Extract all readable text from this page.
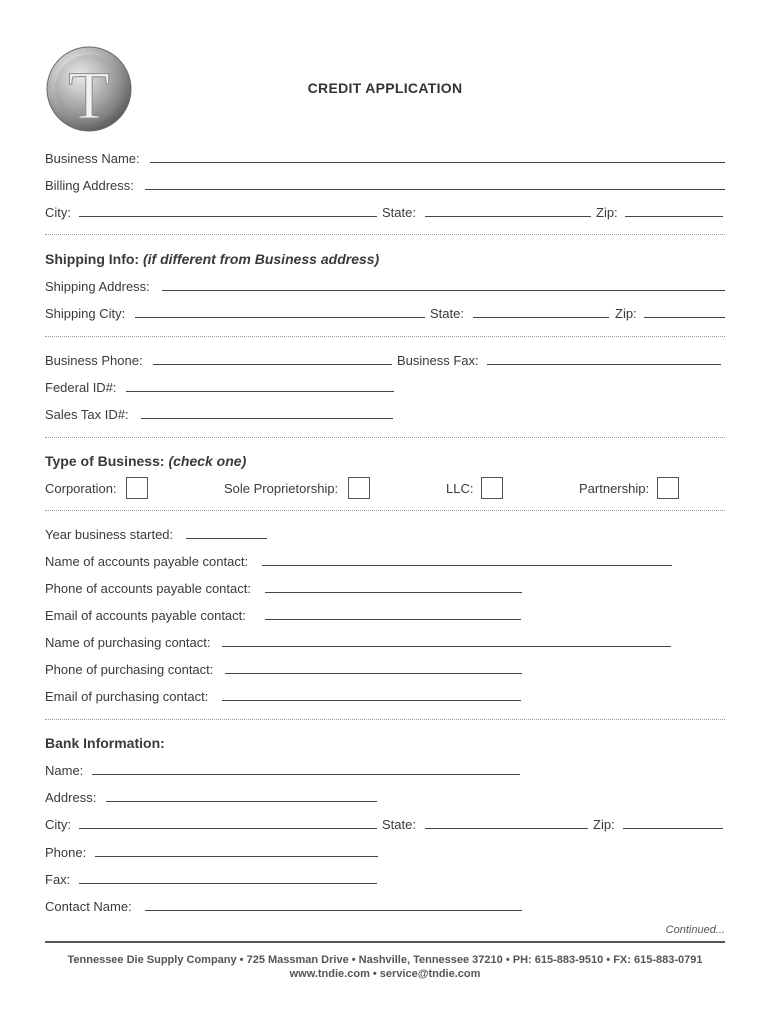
T	CREDIT APPLICATION
Business Name:
Billing Address:
City:	State:	Zip:
Shipping Info: (if different from Business address)
Shipping Address:
Shipping City:	State:	Zip:
Business Phone:	Business Fax:
Federal ID#:
Sales Tax ID#:
Type of Business: (check one)
Corporation:	Sole Proprietorship:	LLC:	Partnership:
Year business started:
Name of accounts payable contact:
Phone of accounts payable contact:
Email of accounts payable contact:
Name of purchasing contact:
Phone of purchasing contact:
Email of purchasing contact:
Bank Information:
Name:
Address:
City:	State:	Zip:
Phone:
Fax:
Contact Name:
Continued...
Tennessee Die Supply Company • 725 Massman Drive • Nashville, Tennessee 37210 • PH: 615-883-9510 • FX: 615-883-0791
www.tndie.com • service@tndie.com
